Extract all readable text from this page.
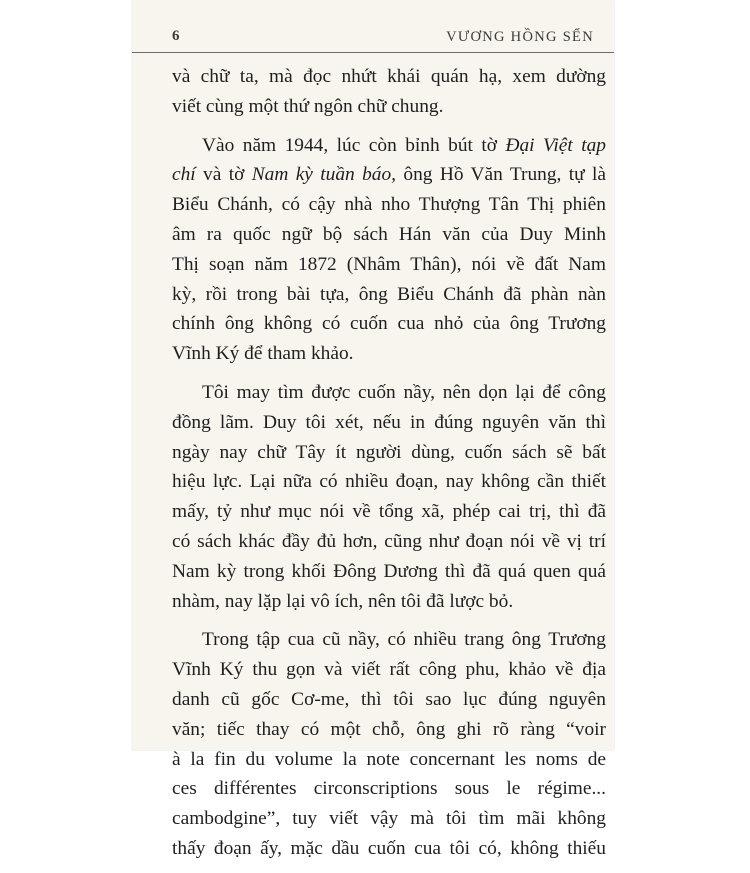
6	VƯƠNG HỒNG SỂN
và chữ ta, mà đọc nhứt khái quán hạ, xem dường
viết cùng một thứ ngôn chữ chung.
Vào năm 1944, lúc còn bỉnh bút tờ Đại Việt tạp
chí và tờ Nam kỳ tuần báo, ông Hồ Văn Trung, tự là
Biểu Chánh, có cậy nhà nho Thượng Tân Thị phiên
âm ra quốc ngữ bộ sách Hán văn của Duy Minh
Thị soạn năm 1872 (Nhâm Thân), nói về đất Nam
kỳ, rồi trong bài tựa, ông Biểu Chánh đã phàn nàn
chính ông không có cuốn cua nhỏ của ông Trương
Vĩnh Ký để tham khảo.
Tôi may tìm được cuốn nầy, nên dọn lại để công
đồng lãm. Duy tôi xét, nếu in đúng nguyên văn thì
ngày nay chữ Tây ít người dùng, cuốn sách sẽ bất
hiệu lực. Lại nữa có nhiều đoạn, nay không cần thiết
mấy, tỷ như mục nói về tổng xã, phép cai trị, thì đã
có sách khác đầy đủ hơn, cũng như đoạn nói về vị trí
Nam kỳ trong khối Đông Dương thì đã quá quen quá
nhàm, nay lặp lại vô ích, nên tôi đã lược bỏ.
Trong tập cua cũ nầy, có nhiều trang ông Trương
Vĩnh Ký thu gọn và viết rất công phu, khảo về địa
danh cũ gốc Cơ-me, thì tôi sao lục đúng nguyên
văn; tiếc thay có một chỗ, ông ghi rõ ràng “voir
à la fin du volume la note concernant les noms de
ces différentes circonscriptions sous le régime...
cambodgine”, tuy viết vậy mà tôi tìm mãi không
thấy đoạn ấy, mặc dầu cuốn cua tôi có, không thiếu
